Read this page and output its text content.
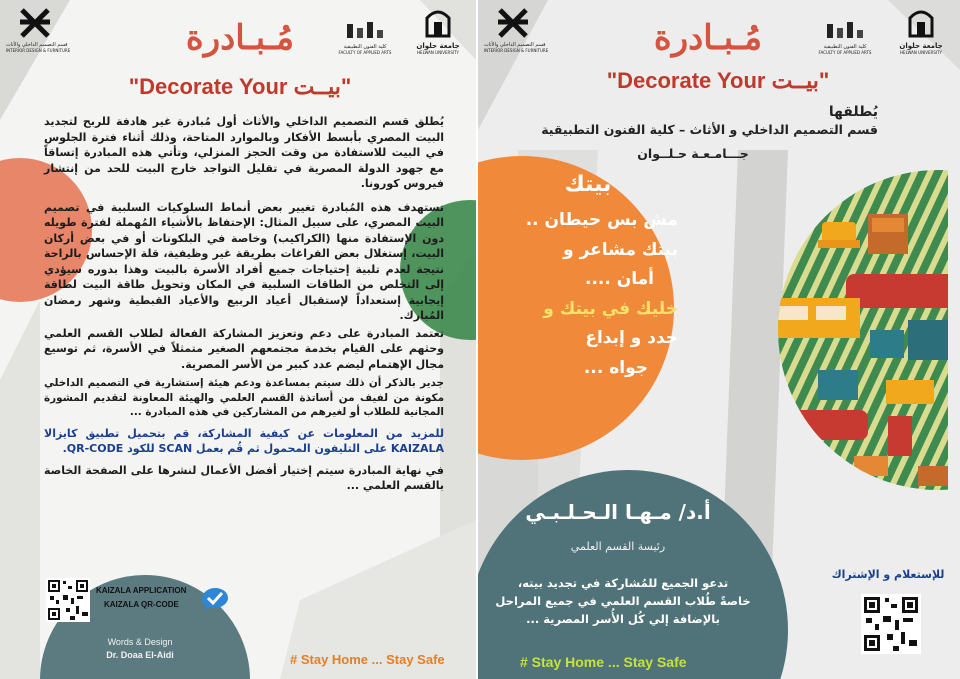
قسم التصميم الداخلي والأثاث
INTERIOR DESIGN & FURNITURE
كلية الفنون التطبيقية
FACULTY OF APPLIED ARTS
جامعة حلوان
HELWAN UNIVERSITY
مُـبـادرة
"Decorate Your بيــت"
يُطلق قسم التصميم الداخلي والأثاث أول مُبادرة غير هادفة للربح لتجديد البيت المصري بأبسط الأفكار وبالموارد المتاحة، وذلك أثناء فترة الجلوس في البيت للاستفادة من وقت الحجز المنزلي، وتأتي هذه المبادرة إتساقاً مع جهود الدولة المصرية في تقليل التواجد خارج البيت للحد من إنتشار فيروس كورونا.
تستهدف هذه المُبادرة تغيير بعض أنماط السلوكيات السلبية في تصميم البيت المصري، على سبيل المثال: الإحتفاظ بالأشياء المُهملة لفترة طويله دون الإستفادة منها (الكراكيب) وخاصة في البلكونات أو في بعض أركان البيت، إستغلال بعض الفراغات بطريقة غير وظيفية، قلة الإحساس بالراحة نتيجة لعدم تلبية إحتياجات جميع أفراد الأسرة بالبيت وهذا بدوره سيؤدي إلى التخلص من الطاقات السلبية في المكان وتحويل طاقة البيت لطاقة إيجابية إستعداداً لإستقبال أعياد الربيع والأعياد القبطية وشهر رمضان المُبارك.
تعتمد المبادرة على دعم وتعزيز المشاركة الفعالة لطلاب القسم العلمي وحثهم على القيام بخدمة مجتمعهم الصغير متمثلاً في الأسرة، ثم توسيع مجال الإهتمام ليضم عدد كبير من الأسر المصرية.
جدير بالذكر أن ذلك سيتم بمساعدة ودعم هيئة إستشارية في التصميم الداخلي مكونة من لفيف من أساتذة القسم العلمي والهيئة المعاونة لتقديم المشورة المجانية للطلاب أو لغيرهم من المشاركين في هذه المبادرة ...
للمزيد من المعلومات عن كيفية المشاركة، قم بتحميل تطبيق كايزالا KAIZALA على التليفون المحمول ثم قُم بعمل SCAN للكود QR-CODE.
في نهاية المبادرة سيتم إختيار أفضل الأعمال لنشرها على الصفحة الخاصة بالقسم العلمي ...
KAIZALA APPLICATION
KAIZALA QR-CODE
Words & Design
Dr. Doaa El-Aidi	# Stay Home ... Stay Safe
قسم التصميم الداخلي والأثاث
INTERIOR DESIGN & FURNITURE
كلية الفنون التطبيقية
FACULTY OF APPLIED ARTS
جامعة حلوان
HELWAN UNIVERSITY
مُـبـادرة
"Decorate Your بيــت"
يُطلقها
قسم التصميم الداخلي و الأثاث – كلية الفنون التطبيقية
جـــامـعـة حـلــوان
بيتك
مش بس حيطان ..
بيتك مشاعر و
أمان ....
خليك في بيتك و
جدد و إبداع
جواه ...
أ.د/ مـهـا الـحـلـبـي
رئيسة القسم العلمي
تدعو الجميع للمُشاركة في تجديد بيته،
خاصةً طُلاب القسم العلمي في جميع المراحل
بالإضافة إلي كُل الأُسر المصرية ...
# Stay Home ... Stay Safe
للإستعلام و الإشتراك
